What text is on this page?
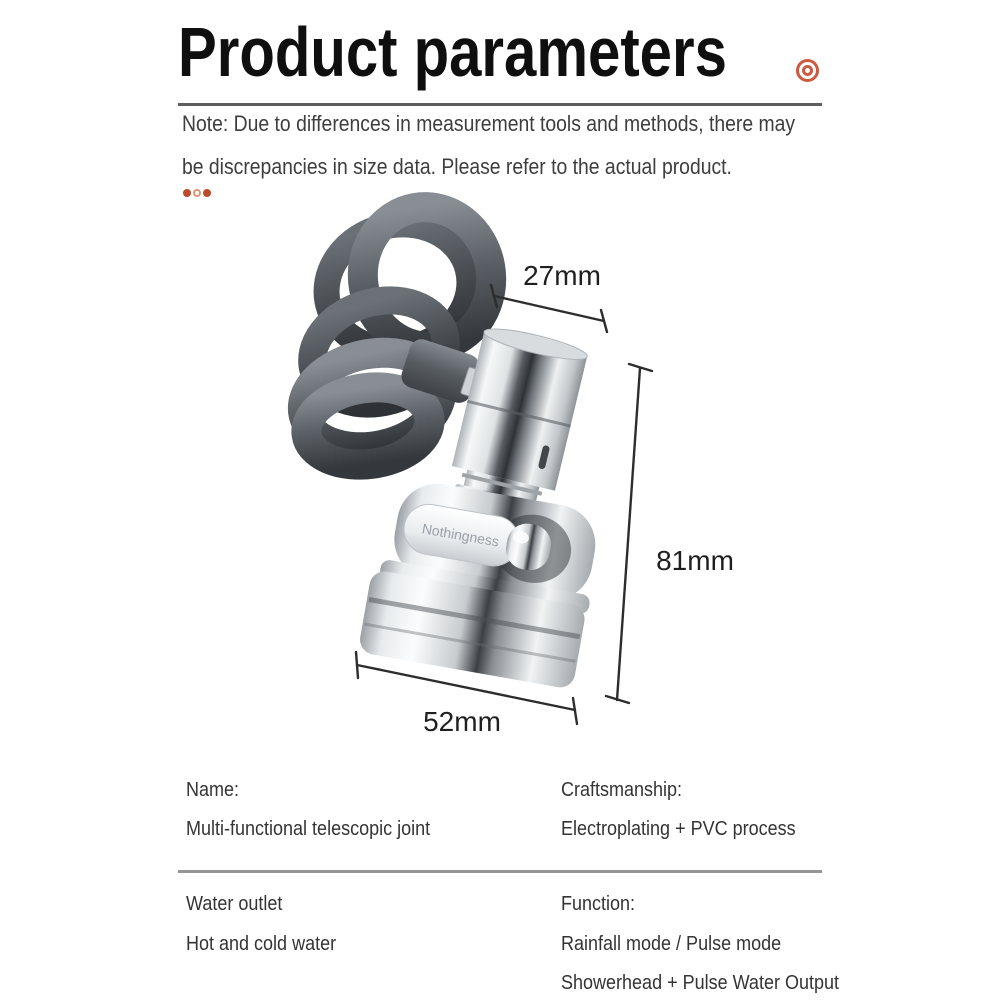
Product parameters
Note: Due to differences in measurement tools and methods, there may
be discrepancies in size data. Please refer to the actual product.
Nothingness
27mm
81mm
52mm
Name:
Multi-functional telescopic joint
Craftsmanship:
Electroplating + PVC process
Water outlet
Hot and cold water
Function:
Rainfall mode / Pulse mode
Showerhead + Pulse Water Output
